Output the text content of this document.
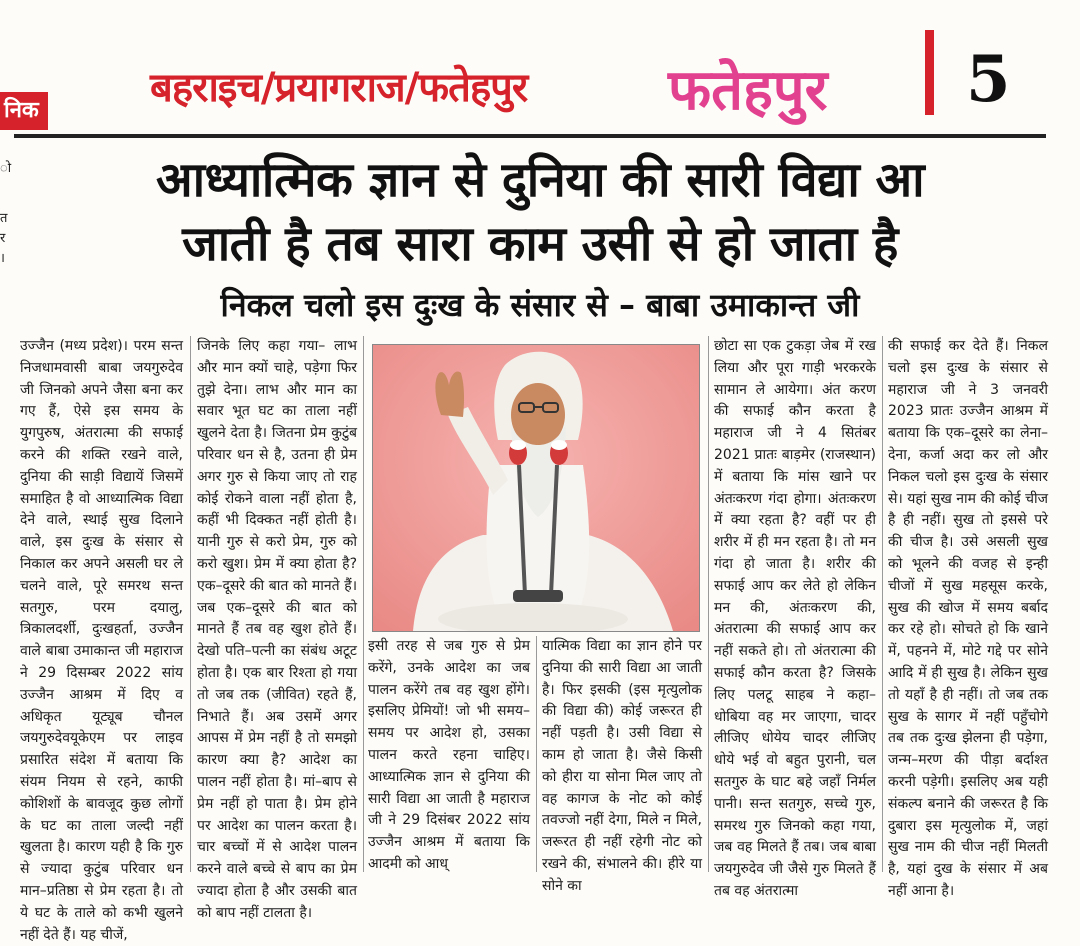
ो
त
र
।
निक	बहराइच/प्रयागराज/फतेहपुर	फतेहपुर 5
आध्यात्मिक ज्ञान से दुनिया की सारी विद्या आ
जाती है तब सारा काम उसी से हो जाता है
निकल चलो इस दुःख के संसार से – बाबा उमाकान्त जी

उज्जैन (मध्य प्रदेश)। परम सन्त निजधामवासी बाबा जयगुरुदेव जी जिनको अपने जैसा बना कर गए हैं, ऐसे इस समय के युगपुरुष, अंतरात्मा की सफाई करने की शक्ति रखने वाले, दुनिया की साड़ी विद्यायें जिसमें समाहित है वो आध्यात्मिक विद्या देने वाले, स्थाई सुख दिलाने वाले, इस दुःख के संसार से निकाल कर अपने असली घर ले चलने वाले, पूरे समरथ सन्त सतगुरु, परम दयालु, त्रिकालदर्शी, दुःखहर्ता, उज्जैन वाले बाबा उमाकान्त जी महाराज ने 29 दिसम्बर 2022 सांय उज्जैन आश्रम में दिए व अधिकृत यूट्यूब चौनल जयगुरुदेवयूकेएम पर लाइव प्रसारित संदेश में बताया कि संयम नियम से रहने, काफी कोशिशों के बावजूद कुछ लोगों के घट का ताला जल्दी नहीं खुलता है। कारण यही है कि गुरु से ज्यादा कुटुंब परिवार धन मान–प्रतिष्ठा से प्रेम रहता है। तो ये घट के ताले को कभी खुलने नहीं देते हैं। यह चीजें,

जिनके लिए कहा गया– लाभ और मान क्यों चाहे, पड़ेगा फिर तुझे देना। लाभ और मान का सवार भूत घट का ताला नहीं खुलने देता है। जितना प्रेम कुटुंब परिवार धन से है, उतना ही प्रेम अगर गुरु से किया जाए तो राह कोई रोकने वाला नहीं होता है, कहीं भी दिक्कत नहीं होती है। यानी गुरु से करो प्रेम, गुरु को करो खुश। प्रेम में क्या होता है? एक–दूसरे की बात को मानते हैं। जब एक–दूसरे की बात को मानते हैं तब वह खुश होते हैं। देखो पति–पत्नी का संबंध अटूट होता है। एक बार रिश्ता हो गया तो जब तक (जीवित) रहते हैं, निभाते हैं। अब उसमें अगर आपस में प्रेम नहीं है तो समझो कारण क्या है? आदेश का पालन नहीं होता है। मां–बाप से प्रेम नहीं हो पाता है। प्रेम होने पर आदेश का पालन करता है। चार बच्चों में से आदेश पालन करने वाले बच्चे से बाप का प्रेम ज्यादा होता है और उसकी बात को बाप नहीं टालता है।

इसी तरह से जब गुरु से प्रेम करेंगे, उनके आदेश का जब पालन करेंगे तब वह खुश होंगे। इसलिए प्रेमियों! जो भी समय–समय पर आदेश हो, उसका पालन करते रहना चाहिए। आध्यात्मिक ज्ञान से दुनिया की सारी विद्या आ जाती है महाराज जी ने 29 दिसंबर 2022 सांय उज्जैन आश्रम में बताया कि आदमी को आध्

यात्मिक विद्या का ज्ञान होने पर दुनिया की सारी विद्या आ जाती है। फिर इसकी (इस मृत्युलोक की विद्या की) कोई जरूरत ही नहीं पड़ती है। उसी विद्या से काम हो जाता है। जैसे किसी को हीरा या सोना मिल जाए तो वह कागज के नोट को कोई तवज्जो नहीं देगा, मिले न मिले, जरूरत ही नहीं रहेगी नोट को रखने की, संभालने की। हीरे या सोने का

छोटा सा एक टुकड़ा जेब में रख लिया और पूरा गाड़ी भरकरके सामान ले आयेगा। अंत करण की सफाई कौन करता है महाराज जी ने 4 सितंबर 2021 प्रातः बाड़मेर (राजस्थान) में बताया कि मांस खाने पर अंतःकरण गंदा होगा। अंतःकरण में क्या रहता है? वहीं पर ही शरीर में ही मन रहता है। तो मन गंदा हो जाता है। शरीर की सफाई आप कर लेते हो लेकिन मन की, अंतःकरण की, अंतरात्मा की सफाई आप कर नहीं सकते हो। तो अंतरात्मा की सफाई कौन करता है? जिसके लिए पलटू साहब ने कहा– धोबिया वह मर जाएगा, चादर लीजिए धोयेय चादर लीजिए धोये भई वो बहुत पुरानी, चल सतगुरु के घाट बहे जहाँ निर्मल पानी। सन्त सतगुरु, सच्चे गुरु, समरथ गुरु जिनको कहा गया, जब वह मिलते हैं तब। जब बाबा जयगुरुदेव जी जैसे गुरु मिलते हैं तब वह अंतरात्मा

की सफाई कर देते हैं। निकल चलो इस दुःख के संसार से महाराज जी ने 3 जनवरी 2023 प्रातः उज्जैन आश्रम में बताया कि एक–दूसरे का लेना–देना, कर्जा अदा कर लो और निकल चलो इस दुःख के संसार से। यहां सुख नाम की कोई चीज है ही नहीं। सुख तो इससे परे की चीज है। उसे असली सुख को भूलने की वजह से इन्ही चीजों में सुख महसूस करके, सुख की खोज में समय बर्बाद कर रहे हो। सोचते हो कि खाने में, पहनने में, मोटे गद्दे पर सोने आदि में ही सुख है। लेकिन सुख तो यहाँ है ही नहीं। तो जब तक सुख के सागर में नहीं पहुँचोगे तब तक दुःख झेलना ही पड़ेगा, जन्म–मरण की पीड़ा बर्दाश्त करनी पड़ेगी। इसलिए अब यही संकल्प बनाने की जरूरत है कि दुबारा इस मृत्युलोक में, जहां सुख नाम की चीज नहीं मिलती है, यहां दुख के संसार में अब नहीं आना है।
